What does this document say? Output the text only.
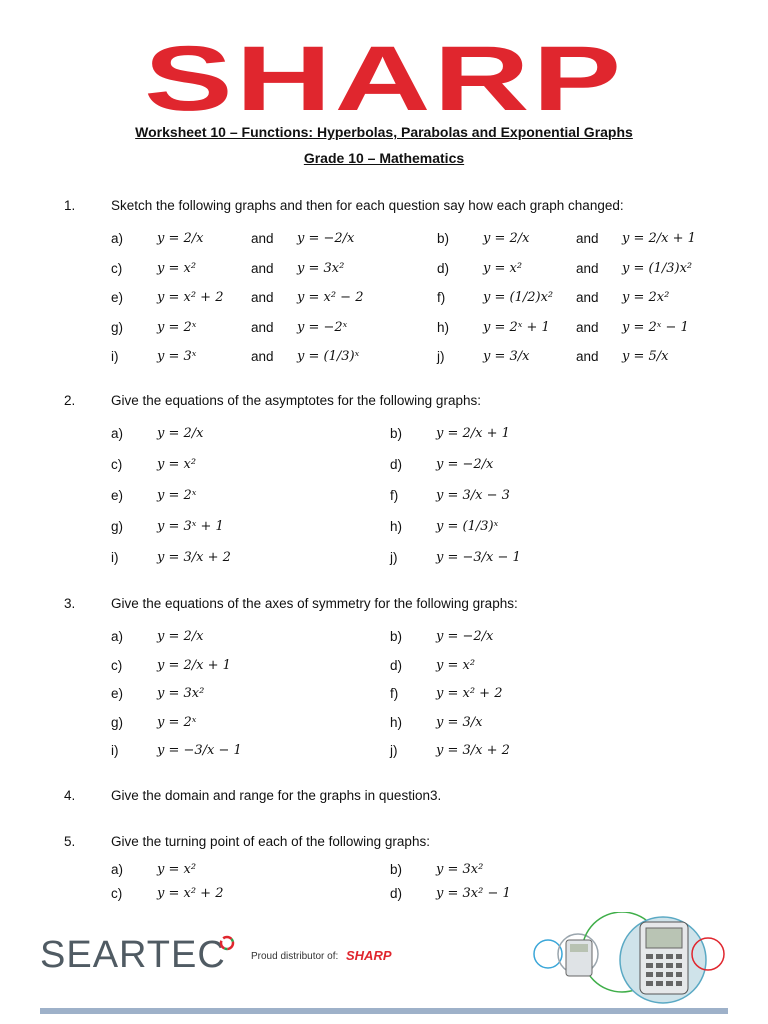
SHARP
Worksheet 10 – Functions: Hyperbolas, Parabolas and Exponential Graphs
Grade 10 – Mathematics
1.	Sketch the following graphs and then for each question say how each graph changed:
2.	Give the equations of the asymptotes for the following graphs:
3.	Give the equations of the axes of symmetry for the following graphs:
4.	Give the domain and range for the graphs in question3.
5.	Give the turning point of each of the following graphs:
a)	y = 2/x	and y = −2/x	b)	y = 2/x	and y = 2/x + 1
c)	y = x²	and y = 3x²	d)	y = x²	and y = (1/3)x²
e)	y = x² + 2 and y = x² − 2	f)	y = (1/2)x² and y = 2x²
g)	y = 2ˣ	and y = −2ˣ	h)	y = 2ˣ + 1 and y = 2ˣ − 1
i)	y = 3ˣ	and y = (1/3)ˣ	j)	y = 3/x	and y = 5/x
a)	y = 2/x	b)	y = 2/x + 1
c)	y = x²	d)	y = −2/x
e)	y = 2ˣ	f)	y = 3/x − 3
g)	y = 3ˣ + 1	h)	y = (1/3)ˣ
i)	y = 3/x + 2	j)	y = −3/x − 1
a)	y = 2/x	b)	y = −2/x
c)	y = 2/x + 1	d)	y = x²
e)	y = 3x²	f)	y = x² + 2
g)	y = 2ˣ	h)	y = 3/x
i)	y = −3/x − 1	j)	y = 3/x + 2
a)	y = x²	b)	y = 3x²
c)	y = x² + 2	d)	y = 3x² − 1
SEARTEC	Proud distributor of: SHARP
